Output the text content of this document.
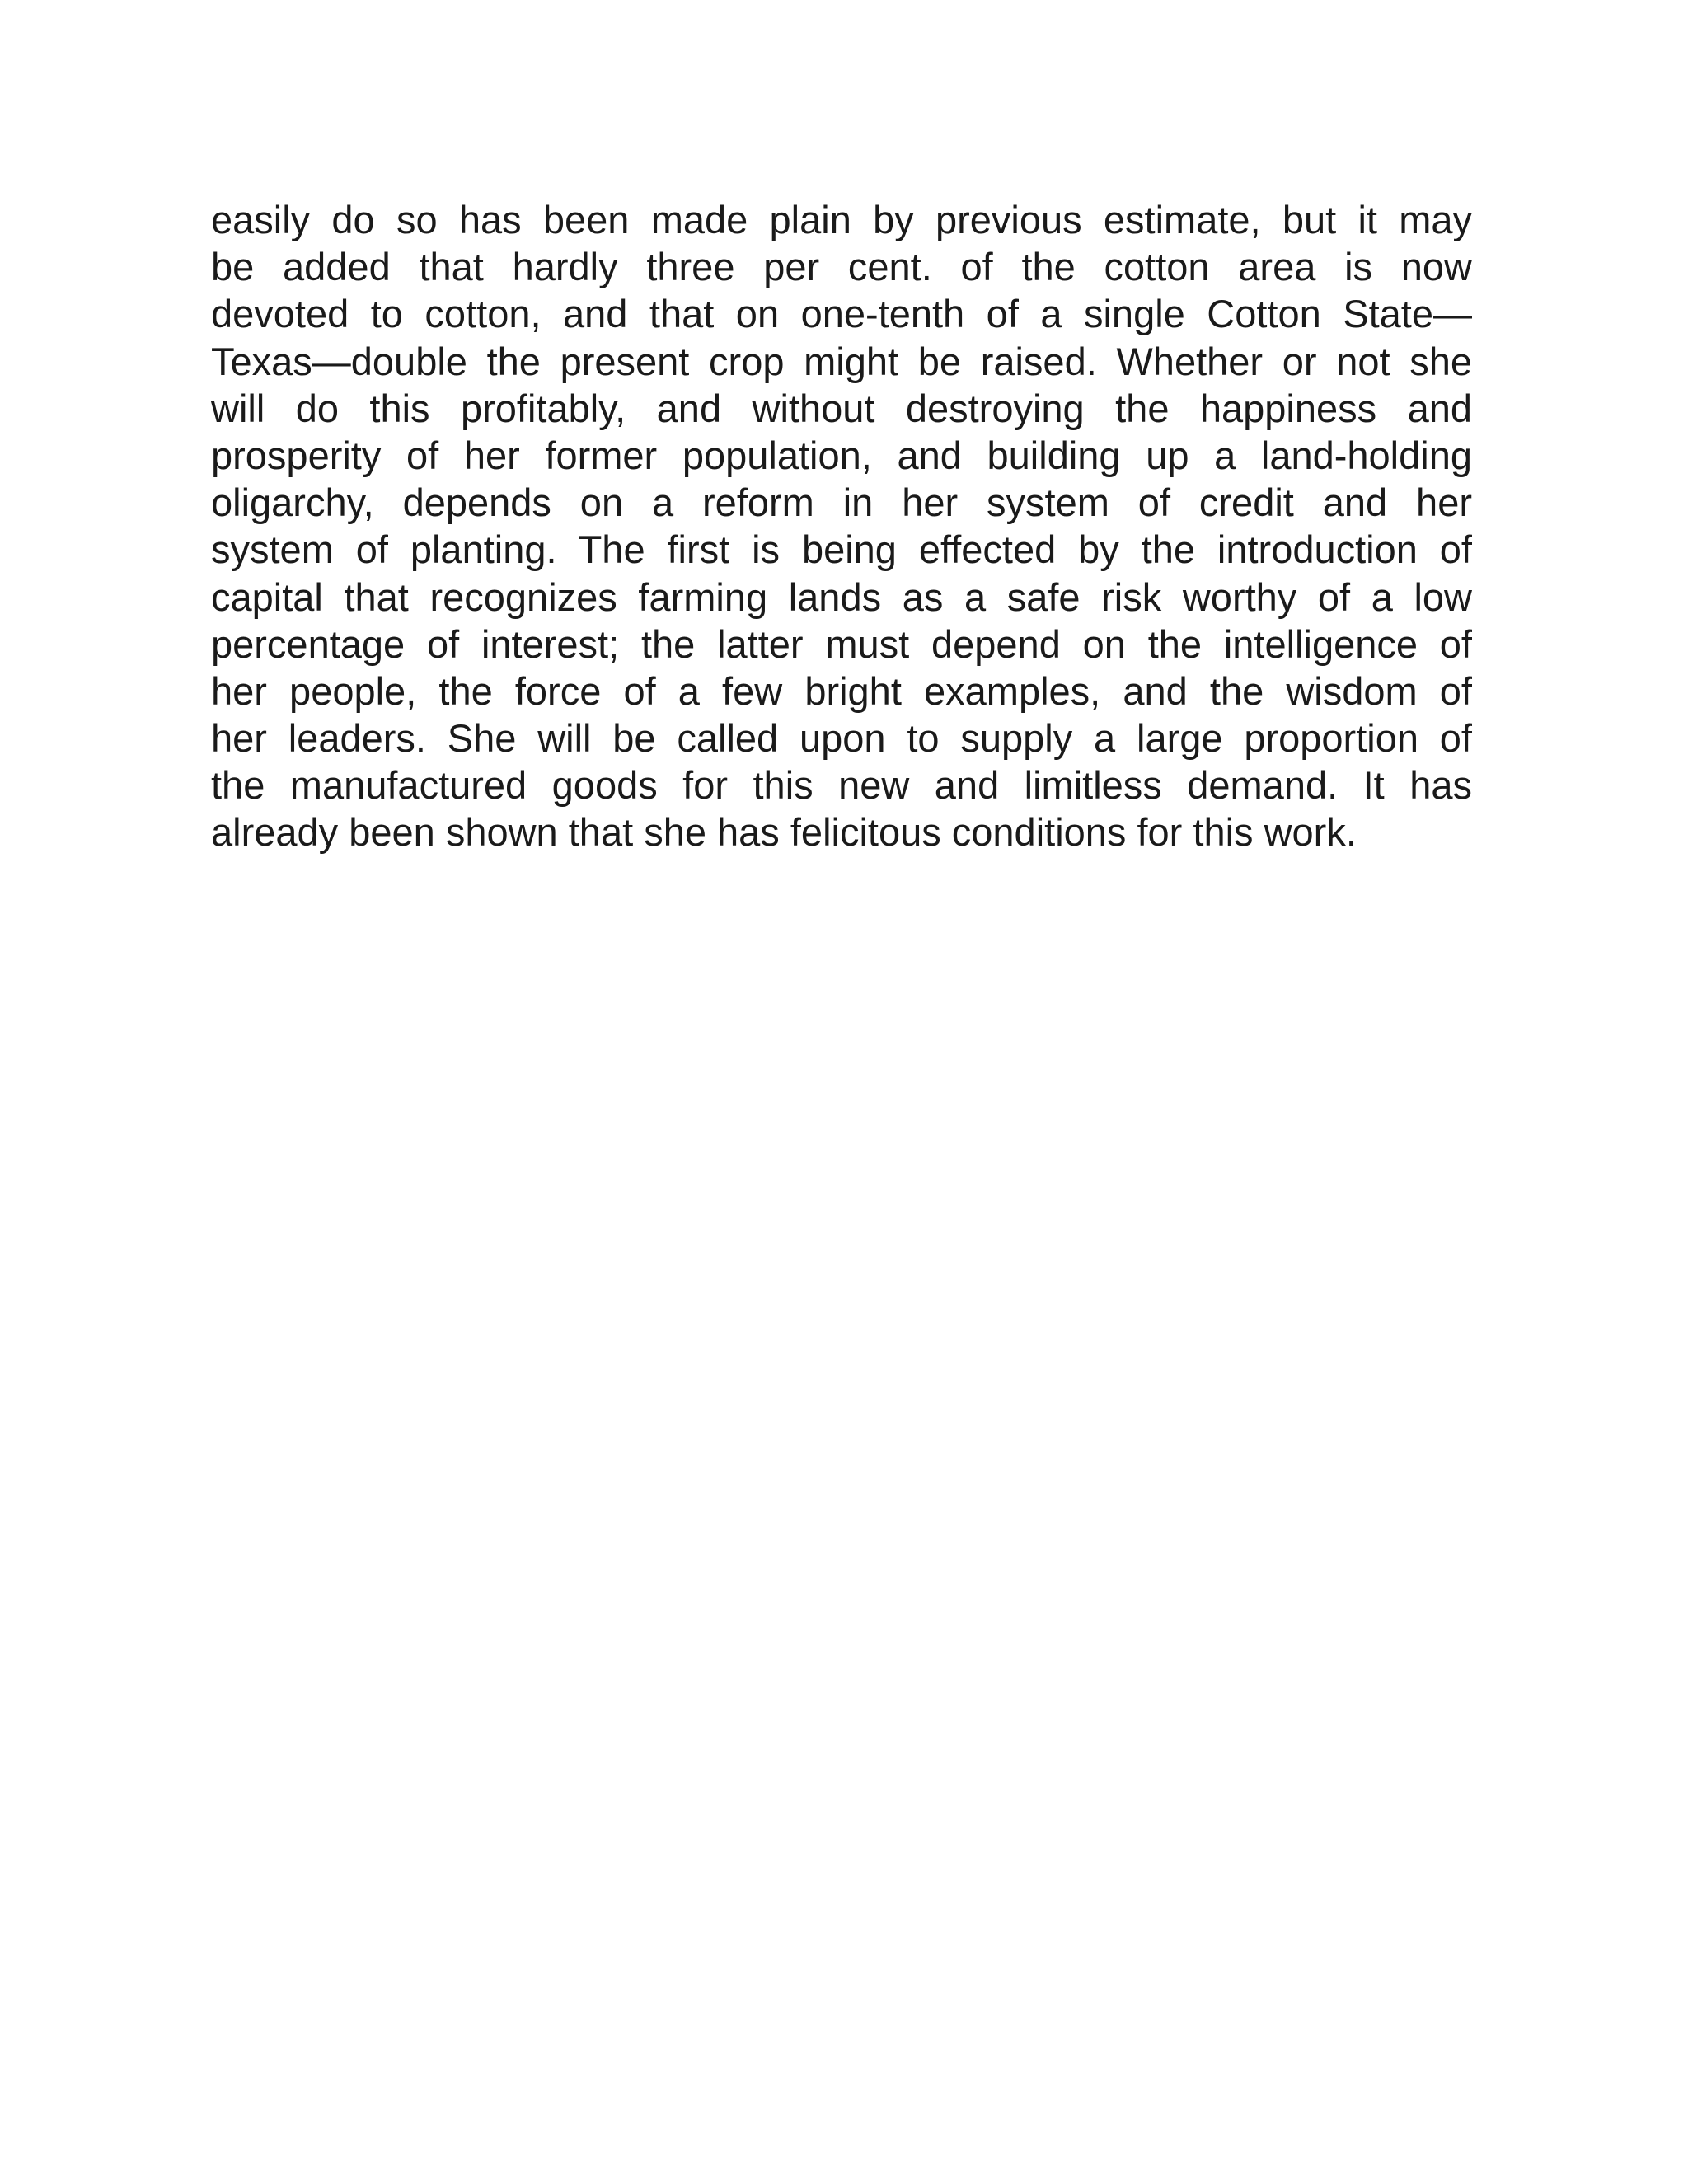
easily do so has been made plain by previous estimate, but it may
be added that hardly three per cent. of the cotton area is now
devoted to cotton, and that on one-tenth of a single Cotton State—
Texas—double the present crop might be raised. Whether or not she
will do this profitably, and without destroying the happiness and
prosperity of her former population, and building up a land-holding
oligarchy, depends on a reform in her system of credit and her
system of planting. The first is being effected by the introduction of
capital that recognizes farming lands as a safe risk worthy of a low
percentage of interest; the latter must depend on the intelligence of
her people, the force of a few bright examples, and the wisdom of
her leaders. She will be called upon to supply a large proportion of
the manufactured goods for this new and limitless demand. It has
already been shown that she has felicitous conditions for this work.
